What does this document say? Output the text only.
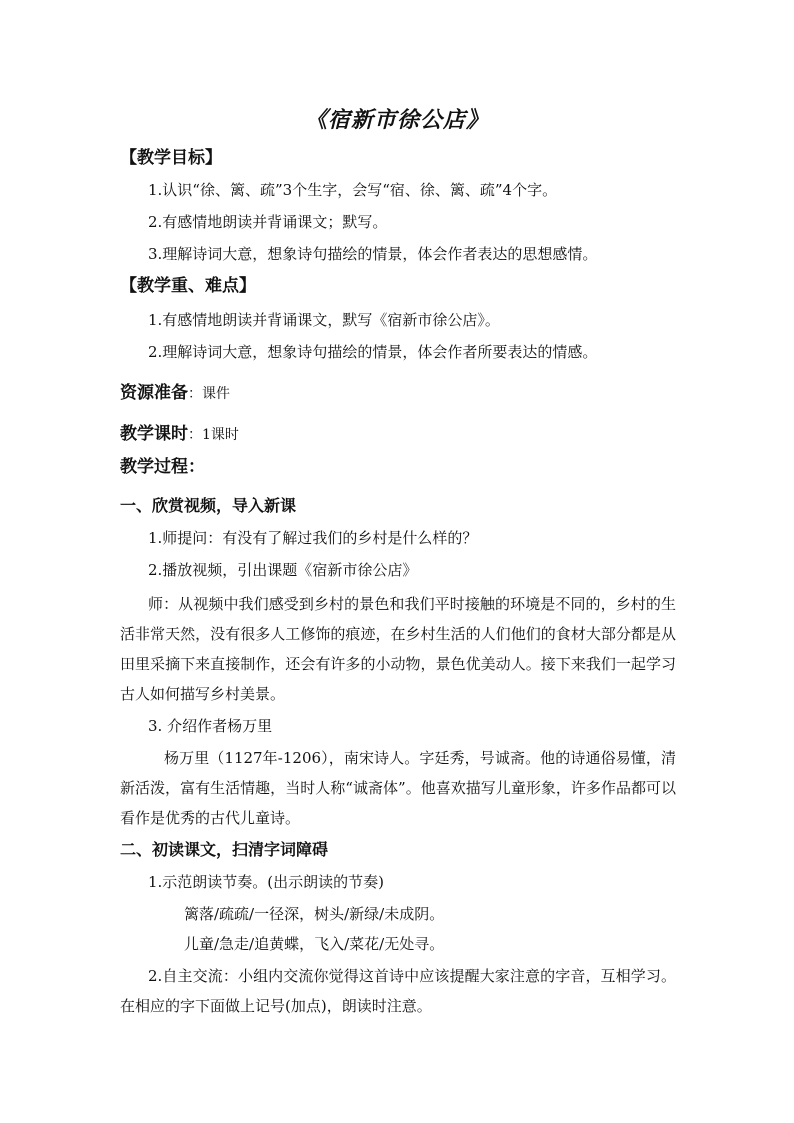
《宿新市徐公店》
【教学目标】
1.认识“徐、篱、疏”3个生字，会写“宿、徐、篱、疏”4个字。
2.有感情地朗读并背诵课文；默写。
3.理解诗词大意，想象诗句描绘的情景，体会作者表达的思想感情。
【教学重、难点】
1.有感情地朗读并背诵课文，默写《宿新市徐公店》。
2.理解诗词大意，想象诗句描绘的情景，体会作者所要表达的情感。
资源准备：课件
教学课时：1课时
教学过程：
一、欣赏视频，导入新课
1.师提问：有没有了解过我们的乡村是什么样的？
2.播放视频，引出课题《宿新市徐公店》
师：从视频中我们感受到乡村的景色和我们平时接触的环境是不同的，乡村的生活非常天然，没有很多人工修饰的痕迹，在乡村生活的人们他们的食材大部分都是从田里采摘下来直接制作，还会有许多的小动物，景色优美动人。接下来我们一起学习古人如何描写乡村美景。
3. 介绍作者杨万里
杨万里（1127年-1206），南宋诗人。字廷秀，号诚斋。他的诗通俗易懂，清新活泼，富有生活情趣，当时人称“诚斋体”。他喜欢描写儿童形象，许多作品都可以看作是优秀的古代儿童诗。
二、初读课文，扫清字词障碍
1.示范朗读节奏。(出示朗读的节奏)
篱落/疏疏/一径深，树头/新绿/未成阴。
儿童/急走/追黄蝶，飞入/菜花/无处寻。
2.自主交流：小组内交流你觉得这首诗中应该提醒大家注意的字音，互相学习。在相应的字下面做上记号(加点)，朗读时注意。
